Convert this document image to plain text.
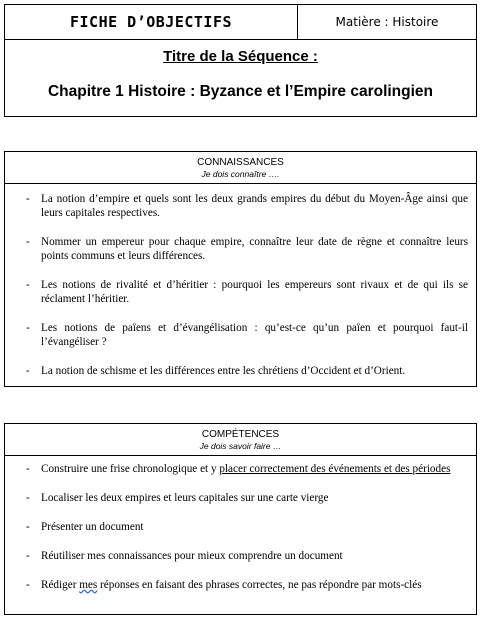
FICHE D’OBJECTIFS	Matière : Histoire
Titre de la Séquence :
Chapitre 1 Histoire : Byzance et l’Empire carolingien
CONNAISSANCES
Je dois connaître ….
- La notion d’empire et quels sont les deux grands empires du début du Moyen-Âge ainsi que leurs capitales respectives.
- Nommer un empereur pour chaque empire, connaître leur date de règne et connaître leurs points communs et leurs différences.
- Les notions de rivalité et d’héritier : pourquoi les empereurs sont rivaux et de qui ils se réclament l’héritier.
- Les notions de païens et d’évangélisation : qu’est-ce qu’un païen et pourquoi faut-il l’évangéliser ?
- La notion de schisme et les différences entre les chrétiens d’Occident et d’Orient.
COMPÉTENCES
Je dois savoir faire …
- Construire une frise chronologique et y placer correctement des événements et des périodes
- Localiser les deux empires et leurs capitales sur une carte vierge
- Présenter un document
- Réutiliser mes connaissances pour mieux comprendre un document
- Rédiger mes réponses en faisant des phrases correctes, ne pas répondre par mots-clés
